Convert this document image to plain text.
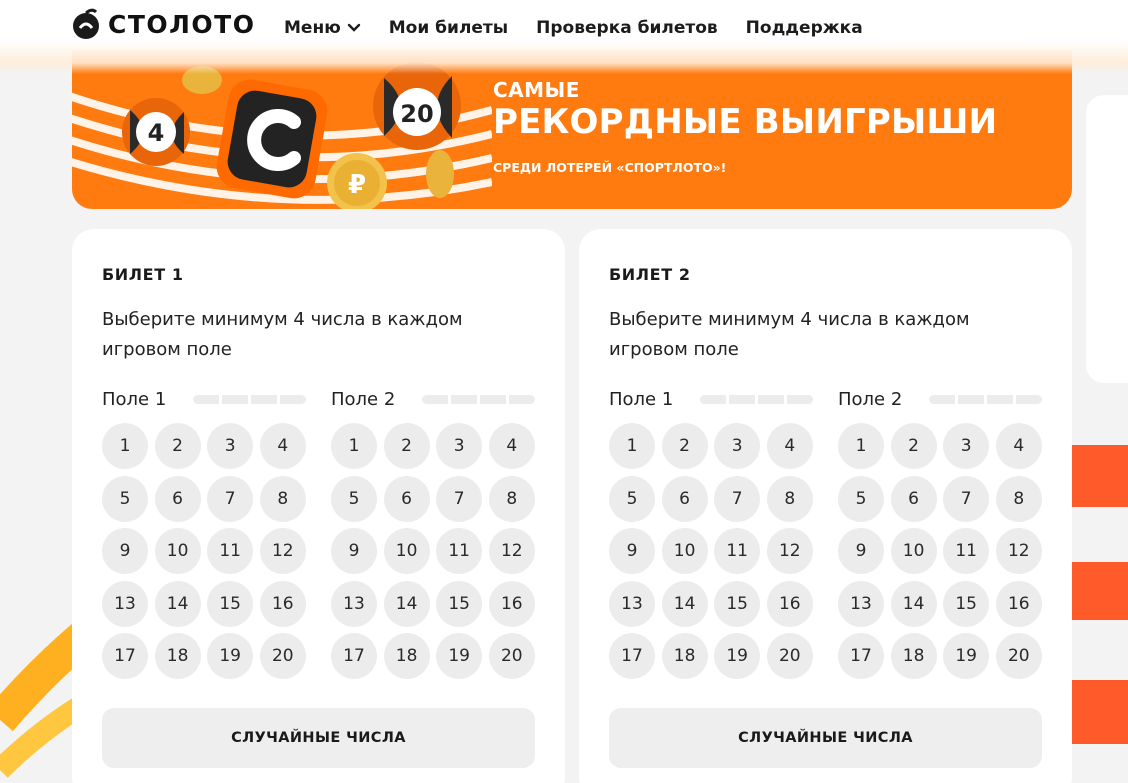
4
20
₽
САМЫЕ
РЕКОРДНЫЕ ВЫИГРЫШИ
СРЕДИ ЛОТЕРЕЙ «СПОРТЛОТО»!
СТОЛОТО Меню	Мои билеты Проверка билетов Поддержка
БИЛЕТ 1
Выберите минимум 4 числа в каждом игровом поле
Поле 1
1	2	3	4
5	6	7	8
9	10	11	12
13	14	15	16
17	18	19	20
Поле 2
1	2	3	4
5	6	7	8
9	10	11	12
13	14	15	16
17	18	19	20
СЛУЧАЙНЫЕ ЧИСЛА
БИЛЕТ 2
Выберите минимум 4 числа в каждом игровом поле
Поле 1
1	2	3	4
5	6	7	8
9	10	11	12
13	14	15	16
17	18	19	20
Поле 2
1	2	3	4
5	6	7	8
9	10	11	12
13	14	15	16
17	18	19	20
СЛУЧАЙНЫЕ ЧИСЛА
